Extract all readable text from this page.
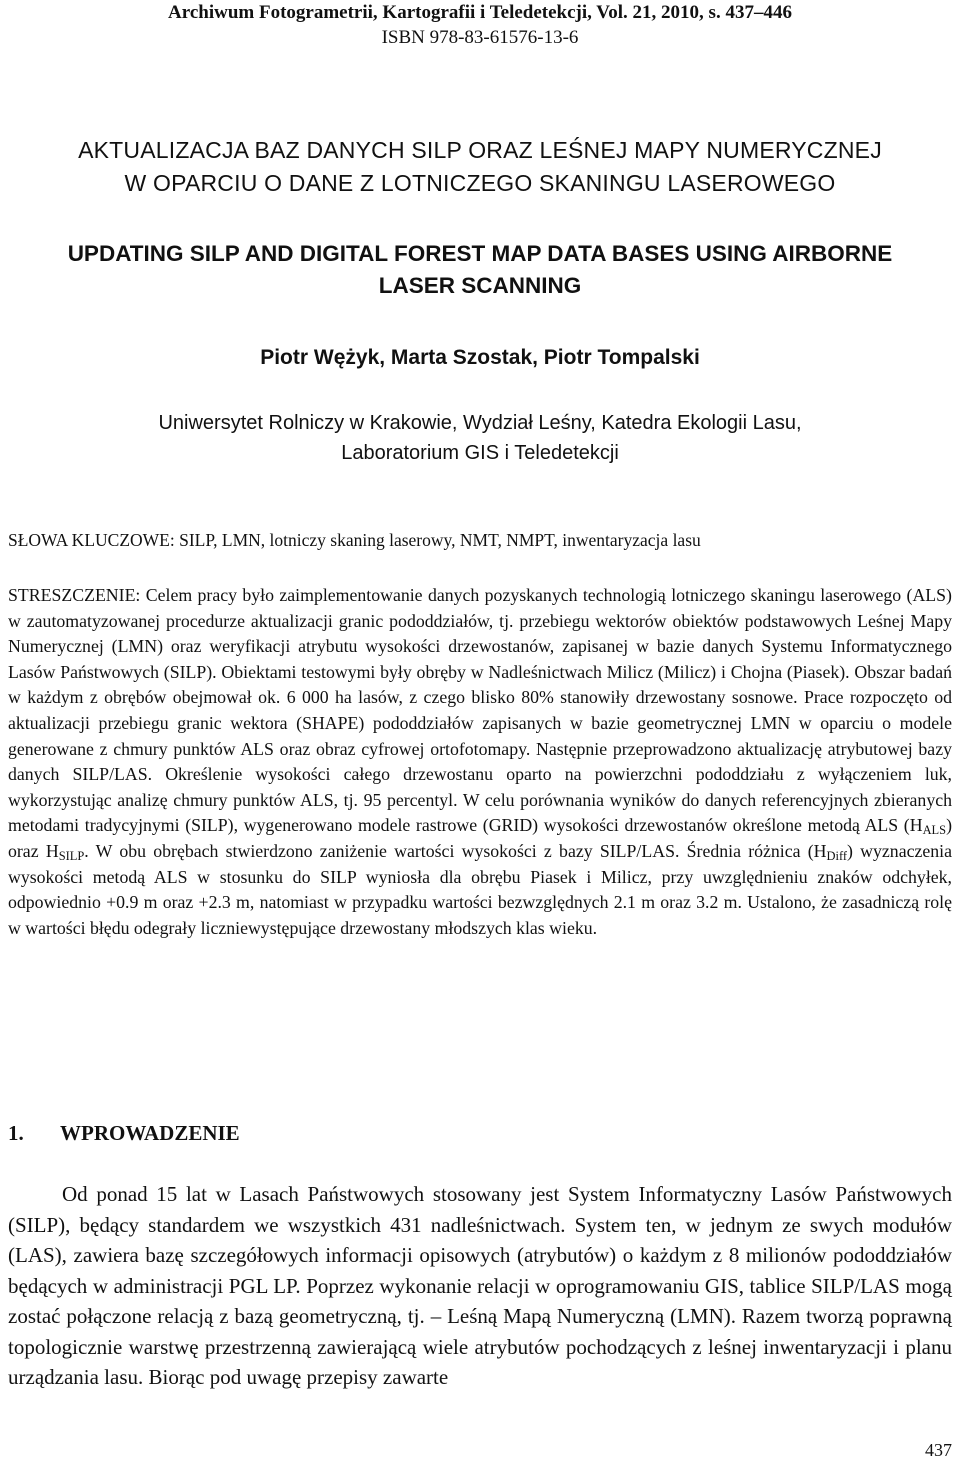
Archiwum Fotogrametrii, Kartografii i Teledetekcji, Vol. 21, 2010, s. 437–446
ISBN 978-83-61576-13-6
AKTUALIZACJA BAZ DANYCH SILP ORAZ LEŚNEJ MAPY NUMERYCZNEJ
W OPARCIU O DANE Z LOTNICZEGO SKANINGU LASEROWEGO
UPDATING SILP AND DIGITAL FOREST MAP DATA BASES USING AIRBORNE
LASER SCANNING
Piotr Wężyk, Marta Szostak, Piotr Tompalski
Uniwersytet Rolniczy w Krakowie, Wydział Leśny, Katedra Ekologii Lasu,
Laboratorium GIS i Teledetekcji
SŁOWA KLUCZOWE: SILP, LMN, lotniczy skaning laserowy, NMT, NMPT, inwentaryzacja lasu

STRESZCZENIE: Celem pracy było zaimplementowanie danych pozyskanych technologią lotniczego skaningu laserowego (ALS) w zautomatyzowanej procedurze aktualizacji granic pododdziałów, tj. przebiegu wektorów obiektów podstawowych Leśnej Mapy Numerycznej (LMN) oraz weryfikacji atrybutu wysokości drzewostanów, zapisanej w bazie danych Systemu Informatycznego Lasów Państwowych (SILP). Obiektami testowymi były obręby w Nadleśnictwach Milicz (Milicz) i Chojna (Piasek). Obszar badań w każdym z obrębów obejmował ok. 6 000 ha lasów, z czego blisko 80% stanowiły drzewostany sosnowe. Prace rozpoczęto od aktualizacji przebiegu granic wektora (SHAPE) pododdziałów zapisanych w bazie geometrycznej LMN w oparciu o modele generowane z chmury punktów ALS oraz obraz cyfrowej ortofotomapy. Następnie przeprowadzono aktualizację atrybutowej bazy danych SILP/LAS. Określenie wysokości całego drzewostanu oparto na powierzchni pododdziału z wyłączeniem luk, wykorzystując analizę chmury punktów ALS, tj. 95 percentyl. W celu porównania wyników do danych referencyjnych zbieranych metodami tradycyjnymi (SILP), wygenerowano modele rastrowe (GRID) wysokości drzewostanów określone metodą ALS $(H_{ALS})$ oraz $H_{SILP}$. W obu obrębach stwierdzono zaniżenie wartości wysokości z bazy SILP/LAS. Średnia różnica $(H_{Diff})$ wyznaczenia wysokości metodą ALS w stosunku do SILP wyniosła dla obrębu Piasek i Milicz, przy uwzględnieniu znaków odchyłek, odpowiednio +0.9 m oraz +2.3 m, natomiast w przypadku wartości bezwzględnych 2.1 m oraz 3.2 m. Ustalono, że zasadniczą rolę w wartości błędu odegrały liczniewystępujące drzewostany młodszych klas wieku.

1. WPROWADZENIE

Od ponad 15 lat w Lasach Państwowych stosowany jest System Informatyczny Lasów Państwowych (SILP), będący standardem we wszystkich 431 nadleśnictwach. System ten, w jednym ze swych modułów (LAS), zawiera bazę szczegółowych informacji opisowych (atrybutów) o każdym z 8 milionów pododdziałów będących w administracji PGL LP. Poprzez wykonanie relacji w oprogramowaniu GIS, tablice SILP/LAS mogą zostać połączone relacją z bazą geometryczną, tj. – Leśną Mapą Numeryczną (LMN). Razem tworzą poprawną topologicznie warstwę przestrzenną zawierającą wiele atrybutów pochodzących z leśnej inwentaryzacji i planu urządzania lasu. Biorąc pod uwagę przepisy zawarte

437
